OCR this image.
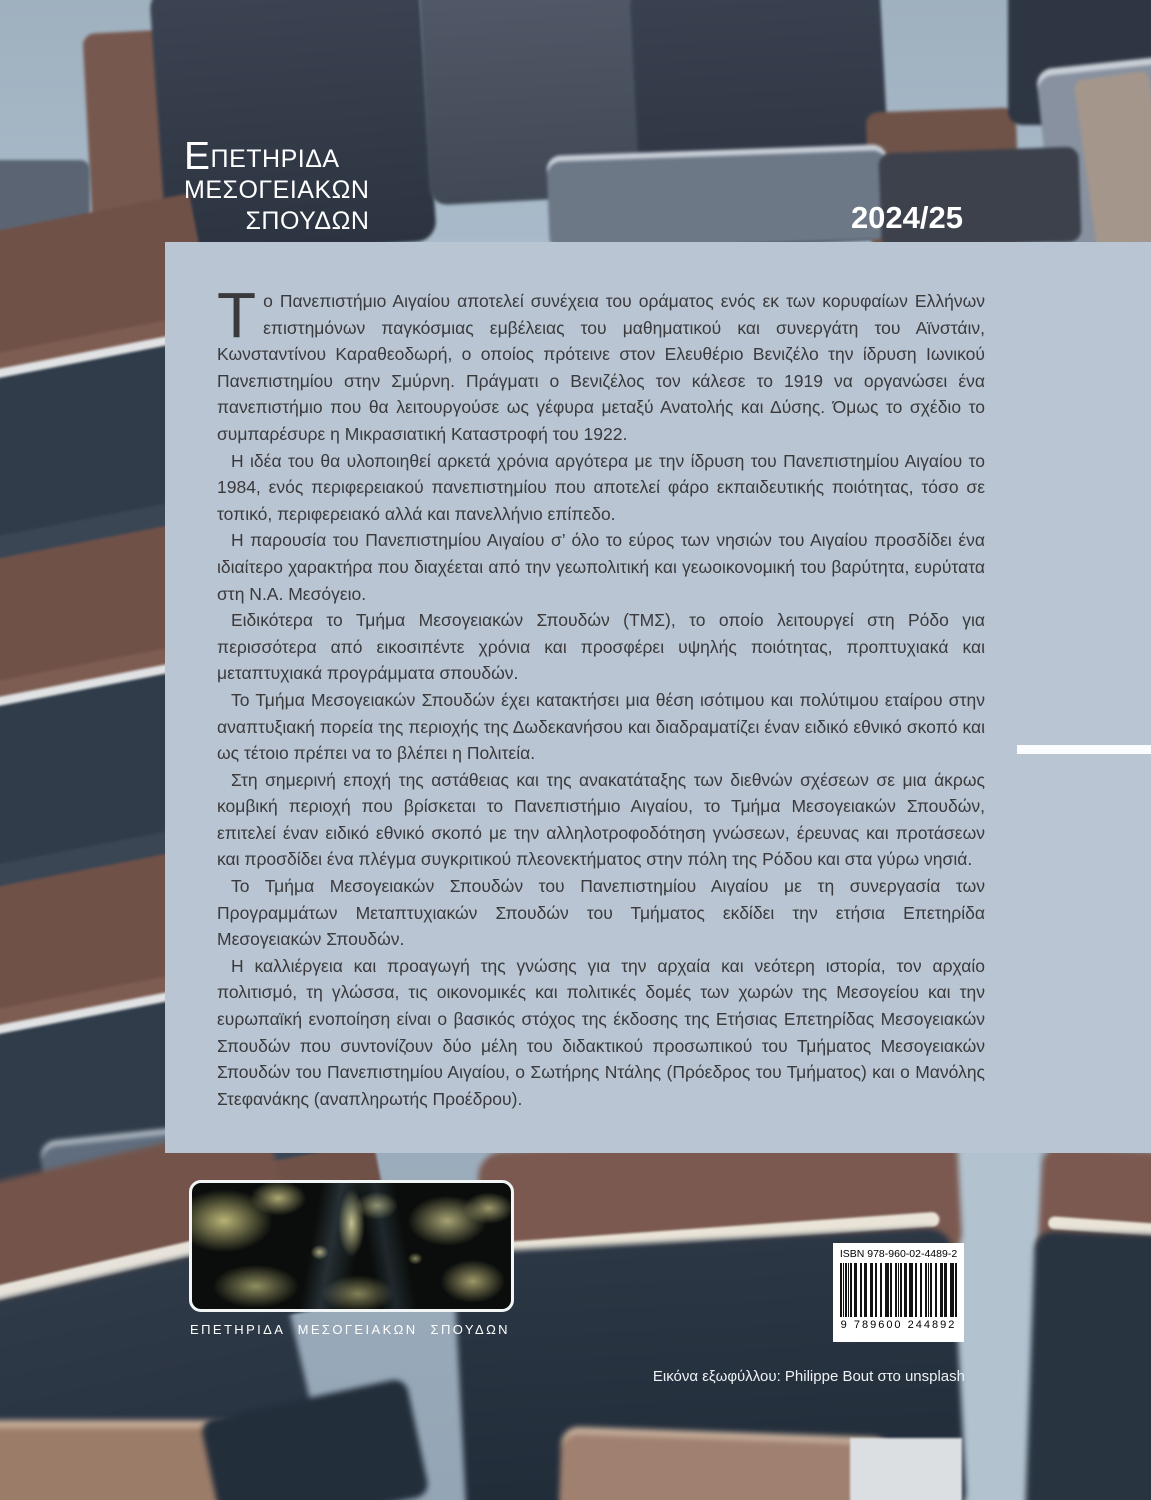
ΕΠΕΤΗΡΙΔΑ
ΜΕΣΟΓΕΙΑΚΩΝ
ΣΠΟΥΔΩΝ	2024/25

Το Πανεπιστήμιο Αιγαίου αποτελεί συνέχεια του οράματος ενός εκ των κορυφαίων Ελλήνων επιστημόνων παγκόσμιας εμβέλειας του μαθηματικού και συνεργάτη του Αϊνστάιν, Κωνσταντίνου Καραθεοδωρή, ο οποίος πρότεινε στον Ελευθέριο Βενιζέλο την ίδρυση Ιωνικού Πανεπιστημίου στην Σμύρνη. Πράγματι ο Βενιζέλος τον κάλεσε το 1919 να οργανώσει ένα πανεπιστήμιο που θα λειτουργούσε ως γέφυρα μεταξύ Ανατολής και Δύσης. Όμως το σχέδιο το συμπαρέσυρε η Μικρασιατική Καταστροφή του 1922.

Η ιδέα του θα υλοποιηθεί αρκετά χρόνια αργότερα με την ίδρυση του Πανεπιστημίου Αιγαίου το 1984, ενός περιφερειακού πανεπιστημίου που αποτελεί φάρο εκπαιδευτικής ποιότητας, τόσο σε τοπικό, περιφερειακό αλλά και πανελλήνιο επίπεδο.

Η παρουσία του Πανεπιστημίου Αιγαίου σ’ όλο το εύρος των νησιών του Αιγαίου προσδίδει ένα ιδιαίτερο χαρακτήρα που διαχέεται από την γεωπολιτική και γεωοικονομική του βαρύτητα, ευρύτατα στη Ν.Α. Μεσόγειο.

Ειδικότερα το Τμήμα Μεσογειακών Σπουδών (ΤΜΣ), το οποίο λειτουργεί στη Ρόδο για περισσότερα από εικοσιπέντε χρόνια και προσφέρει υψηλής ποιότητας, προπτυχιακά και μεταπτυχιακά προγράμματα σπουδών.

Το Τμήμα Μεσογειακών Σπουδών έχει κατακτήσει μια θέση ισότιμου και πολύτιμου εταίρου στην αναπτυξιακή πορεία της περιοχής της Δωδεκανήσου και διαδραματίζει έναν ειδικό εθνικό σκοπό και ως τέτοιο πρέπει να το βλέπει η Πολιτεία.

Στη σημερινή εποχή της αστάθειας και της ανακατάταξης των διεθνών σχέσεων σε μια άκρως κομβική περιοχή που βρίσκεται το Πανεπιστήμιο Αιγαίου, το Τμήμα Μεσογειακών Σπουδών, επιτελεί έναν ειδικό εθνικό σκοπό με την αλληλοτροφοδότηση γνώσεων, έρευνας και προτάσεων και προσδίδει ένα πλέγμα συγκριτικού πλεονεκτήματος στην πόλη της Ρόδου και στα γύρω νησιά.

Το Τμήμα Μεσογειακών Σπουδών του Πανεπιστημίου Αιγαίου με τη συνεργασία των Προγραμμάτων Μεταπτυχιακών Σπουδών του Τμήματος εκδίδει την ετήσια Επετηρίδα Μεσογειακών Σπουδών.

Η καλλιέργεια και προαγωγή της γνώσης για την αρχαία και νεότερη ιστορία, τον αρχαίο πολιτισμό, τη γλώσσα, τις οικονομικές και πολιτικές δομές των χωρών της Μεσογείου και την ευρωπαϊκή ενοποίηση είναι ο βασικός στόχος της έκδοσης της Ετήσιας Επετηρίδας Μεσογειακών Σπουδών που συντονίζουν δύο μέλη του διδακτικού προσωπικού του Τμήματος Μεσογειακών Σπουδών του Πανεπιστημίου Αιγαίου, ο Σωτήρης Ντάλης (Πρόεδρος του Τμήματος) και ο Μανόλης Στεφανάκης (αναπληρωτής Προέδρου).

ΕΠΕΤΗΡΙΔΑ ΜΕΣΟΓΕΙΑΚΩΝ ΣΠΟΥΔΩΝ
ISBN 978-960-02-4489-2
9 789600 244892
Εικόνα εξωφύλλου: Philippe Bout στο unsplash
